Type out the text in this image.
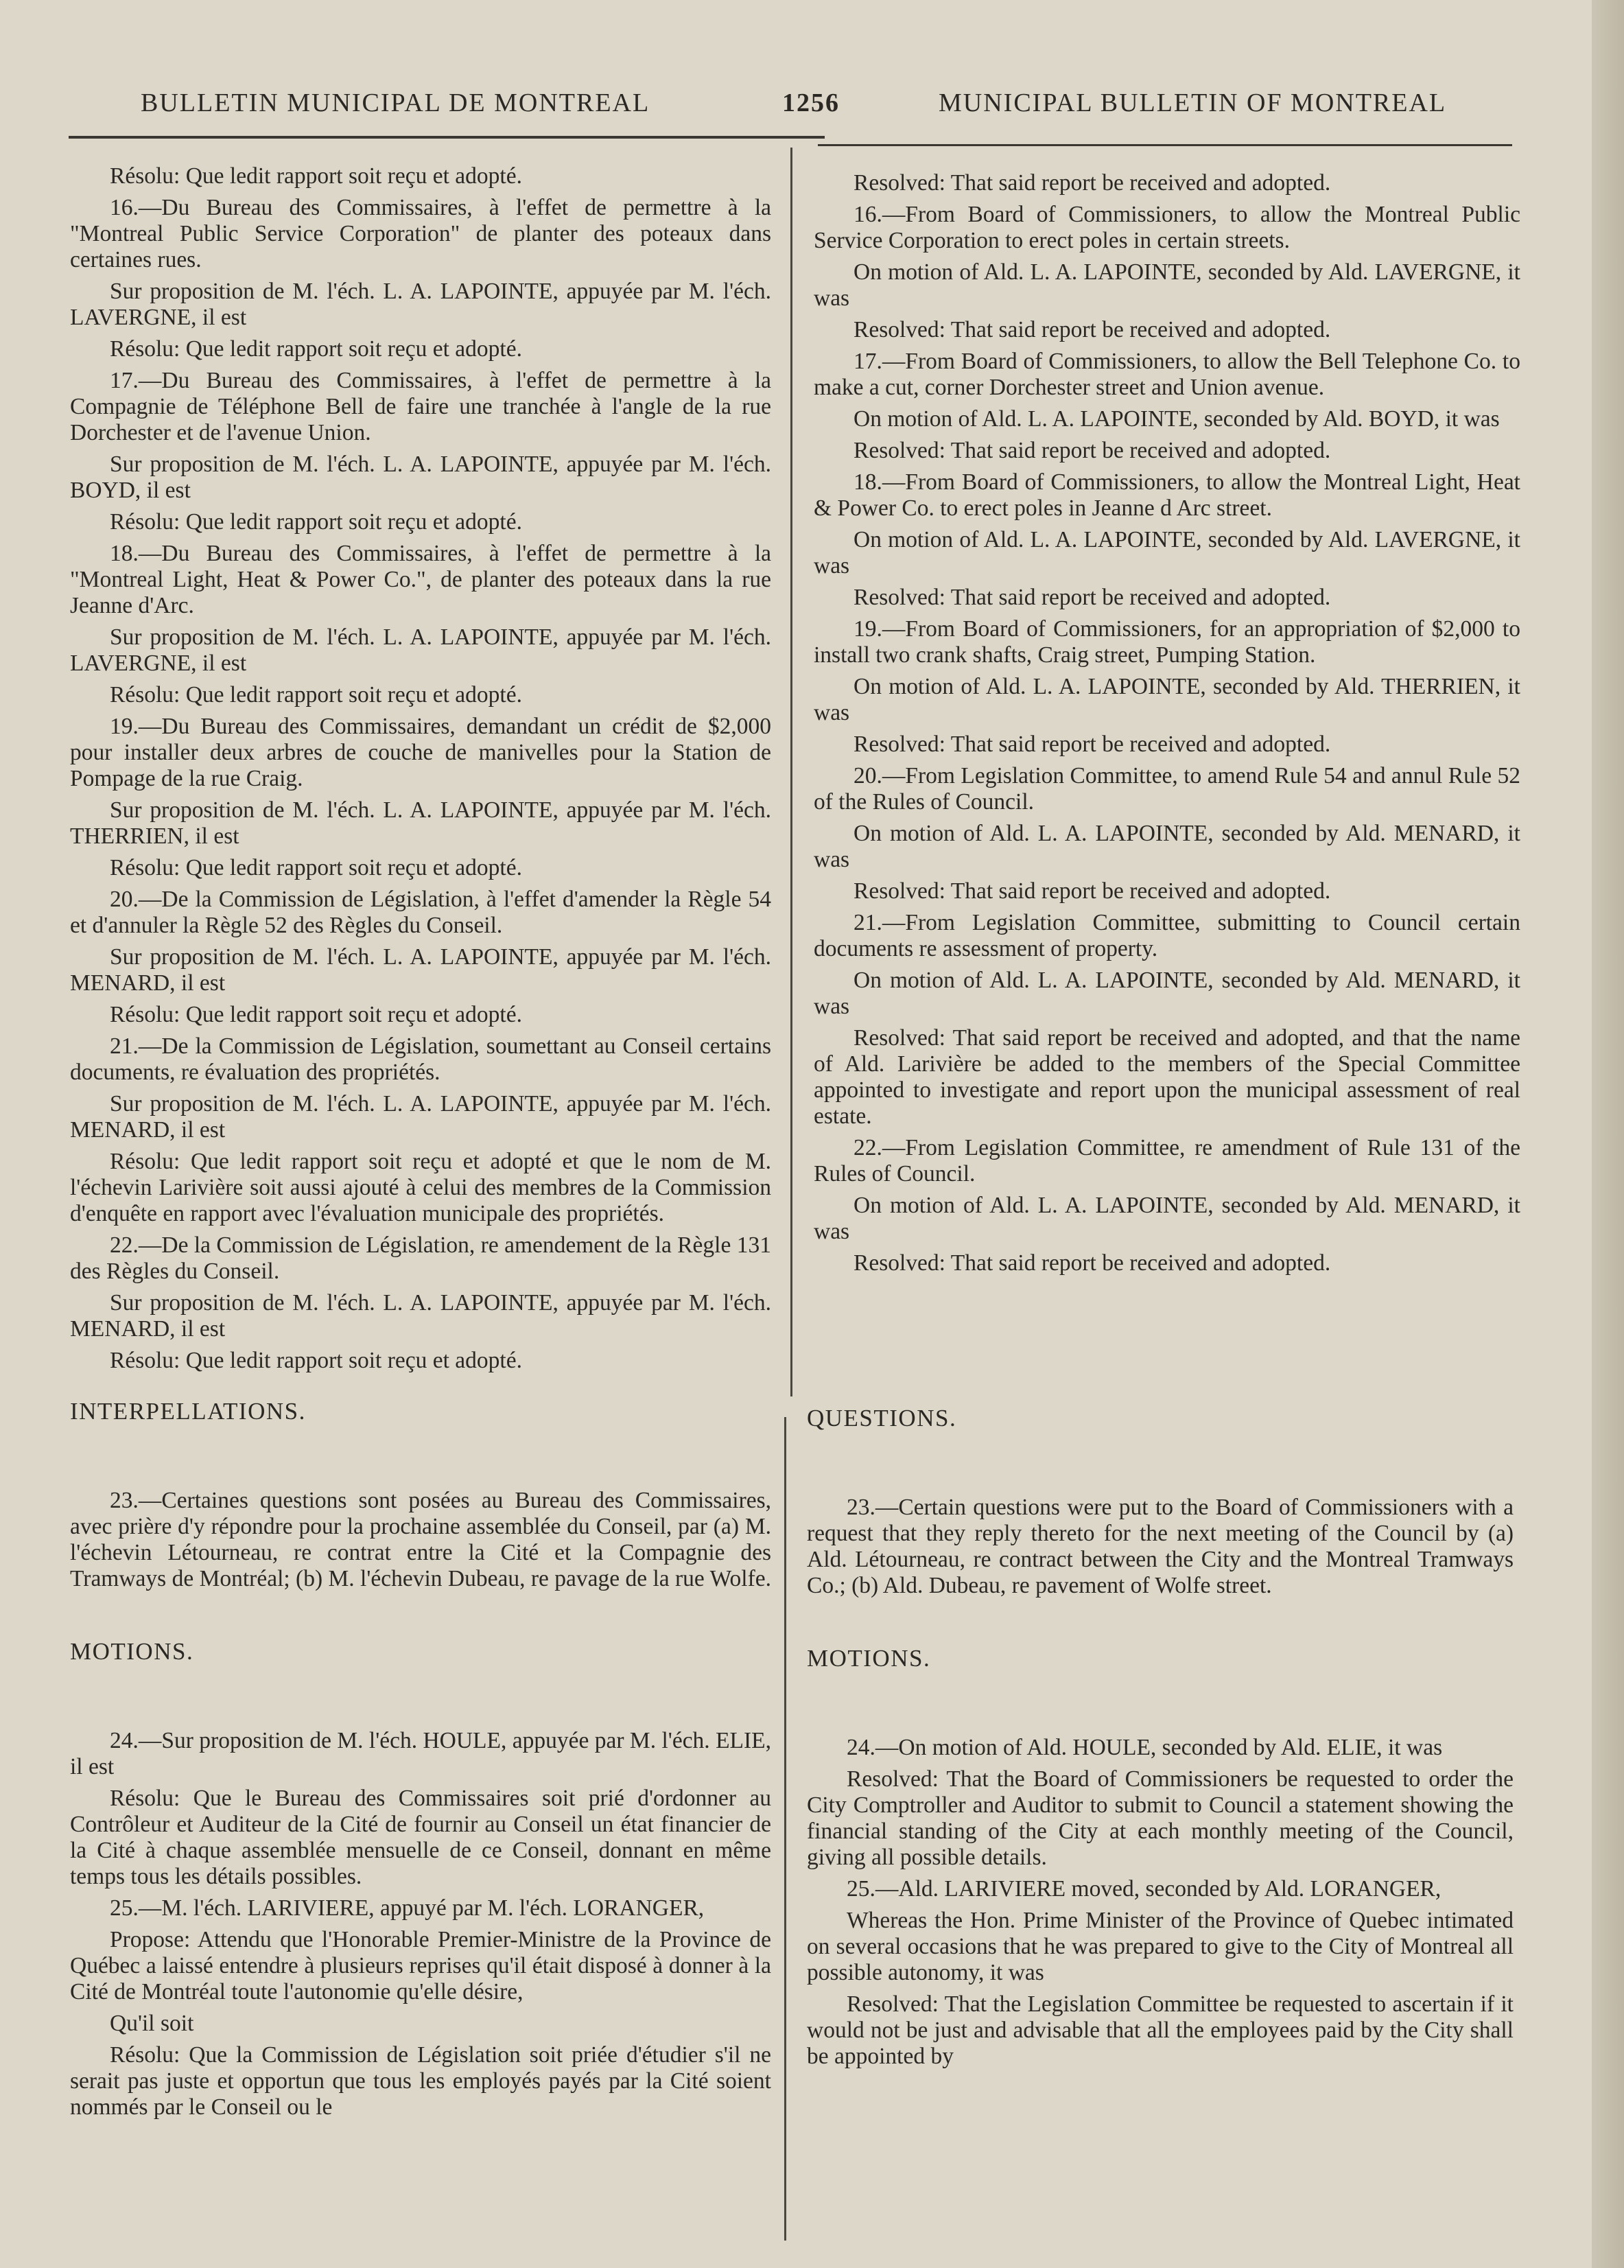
BULLETIN MUNICIPAL DE MONTREAL	1256	MUNICIPAL BULLETIN OF MONTREAL

Résolu: Que ledit rapport soit reçu et adopté.

16.—Du Bureau des Commissaires, à l'effet de permettre à la "Montreal Public Service Corporation" de planter des poteaux dans certaines rues.

Sur proposition de M. l'éch. L. A. LAPOINTE, appuyée par M. l'éch. LAVERGNE, il est

Résolu: Que ledit rapport soit reçu et adopté.

17.—Du Bureau des Commissaires, à l'effet de permettre à la Compagnie de Téléphone Bell de faire une tranchée à l'angle de la rue Dorchester et de l'avenue Union.

Sur proposition de M. l'éch. L. A. LAPOINTE, appuyée par M. l'éch. BOYD, il est

Résolu: Que ledit rapport soit reçu et adopté.

18.—Du Bureau des Commissaires, à l'effet de permettre à la "Montreal Light, Heat & Power Co.", de planter des poteaux dans la rue Jeanne d'Arc.

Sur proposition de M. l'éch. L. A. LAPOINTE, appuyée par M. l'éch. LAVERGNE, il est

Résolu: Que ledit rapport soit reçu et adopté.

19.—Du Bureau des Commissaires, demandant un crédit de $2,000 pour installer deux arbres de couche de manivelles pour la Station de Pompage de la rue Craig.

Sur proposition de M. l'éch. L. A. LAPOINTE, appuyée par M. l'éch. THERRIEN, il est

Résolu: Que ledit rapport soit reçu et adopté.

20.—De la Commission de Législation, à l'effet d'amender la Règle 54 et d'annuler la Règle 52 des Règles du Conseil.

Sur proposition de M. l'éch. L. A. LAPOINTE, appuyée par M. l'éch. MENARD, il est

Résolu: Que ledit rapport soit reçu et adopté.

21.—De la Commission de Législation, soumettant au Conseil certains documents, re évaluation des propriétés.

Sur proposition de M. l'éch. L. A. LAPOINTE, appuyée par M. l'éch. MENARD, il est

Résolu: Que ledit rapport soit reçu et adopté et que le nom de M. l'échevin Larivière soit aussi ajouté à celui des membres de la Commission d'enquête en rapport avec l'évaluation municipale des propriétés.

22.—De la Commission de Législation, re amendement de la Règle 131 des Règles du Conseil.

Sur proposition de M. l'éch. L. A. LAPOINTE, appuyée par M. l'éch. MENARD, il est

Résolu: Que ledit rapport soit reçu et adopté.

Resolved: That said report be received and adopted.

16.—From Board of Commissioners, to allow the Montreal Public Service Corporation to erect poles in certain streets.

On motion of Ald. L. A. LAPOINTE, seconded by Ald. LAVERGNE, it was

Resolved: That said report be received and adopted.

17.—From Board of Commissioners, to allow the Bell Telephone Co. to make a cut, corner Dorchester street and Union avenue.

On motion of Ald. L. A. LAPOINTE, seconded by Ald. BOYD, it was

Resolved: That said report be received and adopted.

18.—From Board of Commissioners, to allow the Montreal Light, Heat & Power Co. to erect poles in Jeanne d Arc street.

On motion of Ald. L. A. LAPOINTE, seconded by Ald. LAVERGNE, it was

Resolved: That said report be received and adopted.

19.—From Board of Commissioners, for an appropriation of $2,000 to install two crank shafts, Craig street, Pumping Station.

On motion of Ald. L. A. LAPOINTE, seconded by Ald. THERRIEN, it was

Resolved: That said report be received and adopted.

20.—From Legislation Committee, to amend Rule 54 and annul Rule 52 of the Rules of Council.

On motion of Ald. L. A. LAPOINTE, seconded by Ald. MENARD, it was

Resolved: That said report be received and adopted.

21.—From Legislation Committee, submitting to Council certain documents re assessment of property.

On motion of Ald. L. A. LAPOINTE, seconded by Ald. MENARD, it was

Resolved: That said report be received and adopted, and that the name of Ald. Larivière be added to the members of the Special Committee appointed to investigate and report upon the municipal assessment of real estate.

22.—From Legislation Committee, re amendment of Rule 131 of the Rules of Council.

On motion of Ald. L. A. LAPOINTE, seconded by Ald. MENARD, it was

Resolved: That said report be received and adopted.

INTERPELLATIONS.

23.—Certaines questions sont posées au Bureau des Commissaires, avec prière d'y répondre pour la prochaine assemblée du Conseil, par (a) M. l'échevin Létourneau, re contrat entre la Cité et la Compagnie des Tramways de Montréal; (b) M. l'échevin Dubeau, re pavage de la rue Wolfe.

MOTIONS.

24.—Sur proposition de M. l'éch. HOULE, appuyée par M. l'éch. ELIE, il est

Résolu: Que le Bureau des Commissaires soit prié d'ordonner au Contrôleur et Auditeur de la Cité de fournir au Conseil un état financier de la Cité à chaque assemblée mensuelle de ce Conseil, donnant en même temps tous les détails possibles.

25.—M. l'éch. LARIVIERE, appuyé par M. l'éch. LORANGER,

Propose: Attendu que l'Honorable Premier-Ministre de la Province de Québec a laissé entendre à plusieurs reprises qu'il était disposé à donner à la Cité de Montréal toute l'autonomie qu'elle désire,

Qu'il soit

Résolu: Que la Commission de Législation soit priée d'étudier s'il ne serait pas juste et opportun que tous les employés payés par la Cité soient nommés par le Conseil ou le

QUESTIONS.

23.—Certain questions were put to the Board of Commissioners with a request that they reply thereto for the next meeting of the Council by (a) Ald. Létourneau, re contract between the City and the Montreal Tramways Co.; (b) Ald. Dubeau, re pavement of Wolfe street.

MOTIONS.

24.—On motion of Ald. HOULE, seconded by Ald. ELIE, it was

Resolved: That the Board of Commissioners be requested to order the City Comptroller and Auditor to submit to Council a statement showing the financial standing of the City at each monthly meeting of the Council, giving all possible details.

25.—Ald. LARIVIERE moved, seconded by Ald. LORANGER,

Whereas the Hon. Prime Minister of the Province of Quebec intimated on several occasions that he was prepared to give to the City of Montreal all possible autonomy, it was

Resolved: That the Legislation Committee be requested to ascertain if it would not be just and advisable that all the employees paid by the City shall be appointed by
